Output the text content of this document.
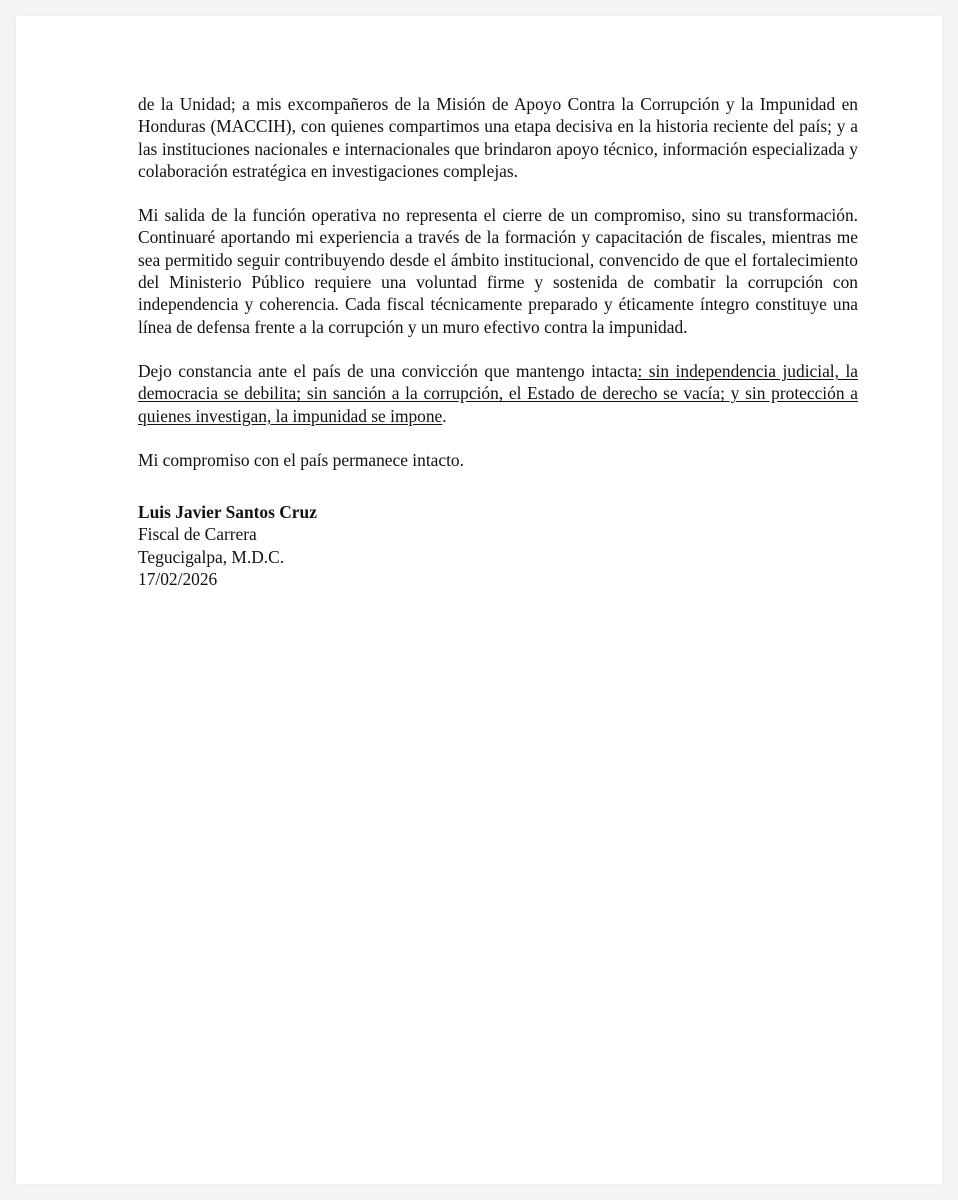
de la Unidad; a mis excompañeros de la Misión de Apoyo Contra la Corrupción y la Impunidad en Honduras (MACCIH), con quienes compartimos una etapa decisiva en la historia reciente del país; y a las instituciones nacionales e internacionales que brindaron apoyo técnico, información especializada y colaboración estratégica en investigaciones complejas.

Mi salida de la función operativa no representa el cierre de un compromiso, sino su transformación. Continuaré aportando mi experiencia a través de la formación y capacitación de fiscales, mientras me sea permitido seguir contribuyendo desde el ámbito institucional, convencido de que el fortalecimiento del Ministerio Público requiere una voluntad firme y sostenida de combatir la corrupción con independencia y coherencia. Cada fiscal técnicamente preparado y éticamente íntegro constituye una línea de defensa frente a la corrupción y un muro efectivo contra la impunidad.

Dejo constancia ante el país de una convicción que mantengo intacta: sin independencia judicial, la democracia se debilita; sin sanción a la corrupción, el Estado de derecho se vacía; y sin protección a quienes investigan, la impunidad se impone.

Mi compromiso con el país permanece intacto.

Luis Javier Santos Cruz
Fiscal de Carrera
Tegucigalpa, M.D.C.
17/02/2026
